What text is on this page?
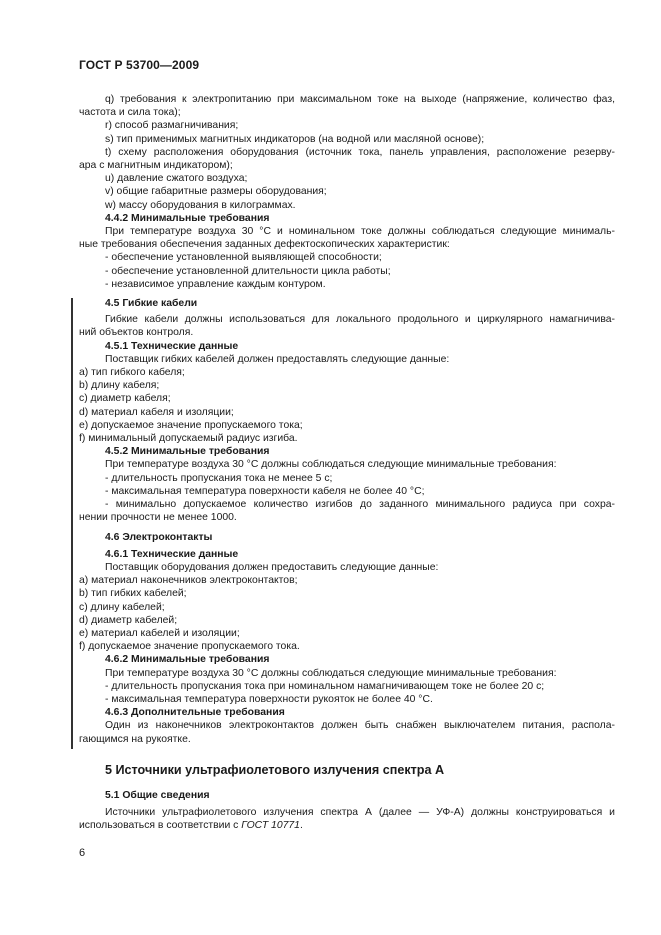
ГОСТ Р 53700—2009
q) требования к электропитанию при максимальном токе на выходе (напряжение, количество фаз,
частота и сила тока);
r) способ размагничивания;
s) тип применимых магнитных индикаторов (на водной или масляной основе);
t) схему расположения оборудования (источник тока, панель управления, расположение резерву-
ара с магнитным индикатором);
u) давление сжатого воздуха;
v) общие габаритные размеры оборудования;
w) массу оборудования в килограммах.
4.4.2 Минимальные требования
При температуре воздуха 30 °С и номинальном токе должны соблюдаться следующие минималь-
ные требования обеспечения заданных дефектоскопических характеристик:
- обеспечение установленной выявляющей способности;
- обеспечение установленной длительности цикла работы;
- независимое управление каждым контуром.
4.5 Гибкие кабели
Гибкие кабели должны использоваться для локального продольного и циркулярного намагничива-
ний объектов контроля.
4.5.1 Технические данные
Поставщик гибких кабелей должен предоставлять следующие данные:
a) тип гибкого кабеля;
b) длину кабеля;
c) диаметр кабеля;
d) материал кабеля и изоляции;
e) допускаемое значение пропускаемого тока;
f) минимальный допускаемый радиус изгиба.
4.5.2 Минимальные требования
При температуре воздуха 30 °С должны соблюдаться следующие минимальные требования:
- длительность пропускания тока не менее 5 с;
- максимальная температура поверхности кабеля не более 40 °С;
- минимально допускаемое количество изгибов до заданного минимального радиуса при сохра-
нении прочности не менее 1000.
4.6 Электроконтакты
4.6.1 Технические данные
Поставщик оборудования должен предоставить следующие данные:
a) материал наконечников электроконтактов;
b) тип гибких кабелей;
c) длину кабелей;
d) диаметр кабелей;
e) материал кабелей и изоляции;
f) допускаемое значение пропускаемого тока.
4.6.2 Минимальные требования
При температуре воздуха 30 °С должны соблюдаться следующие минимальные требования:
- длительность пропускания тока при номинальном намагничивающем токе не более 20 с;
- максимальная температура поверхности рукояток не более 40 °С.
4.6.3 Дополнительные требования
Один из наконечников электроконтактов должен быть снабжен выключателем питания, распола-
гающимся на рукоятке.
5 Источники ультрафиолетового излучения спектра А
5.1 Общие сведения
Источники ультрафиолетового излучения спектра А (далее — УФ-А) должны конструироваться и
использоваться в соответствии с ГОСТ 10771.
6
